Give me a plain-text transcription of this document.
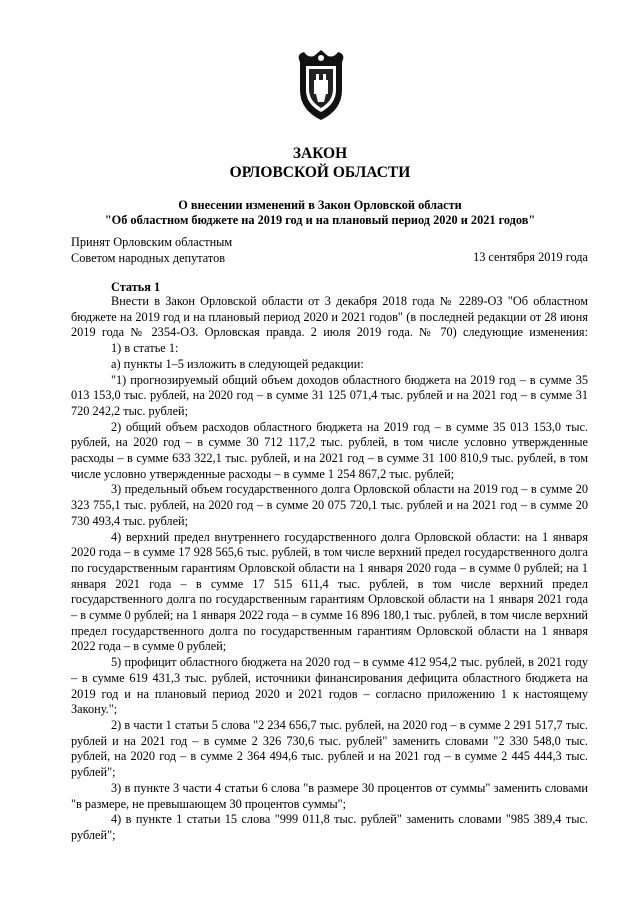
ЗАКОН
ОРЛОВСКОЙ ОБЛАСТИ
О внесении изменений в Закон Орловской области
"Об областном бюджете на 2019 год и на плановый период 2020 и 2021 годов"
Принят Орловским областным
Советом народных депутатов	13 сентября 2019 года
Статья 1

Внести в Закон Орловской области от 3 декабря 2018 года № 2289-ОЗ "Об областном бюджете на 2019 год и на плановый период 2020 и 2021 годов" (в последней редакции от 28 июня 2019 года № 2354-ОЗ. Орловская правда. 2 июля 2019 года. № 70) следующие изменения:

1) в статье 1:

а) пункты 1–5 изложить в следующей редакции:

"1) прогнозируемый общий объем доходов областного бюджета на 2019 год – в сумме 35 013 153,0 тыс. рублей, на 2020 год – в сумме 31 125 071,4 тыс. рублей и на 2021 год – в сумме 31 720 242,2 тыс. рублей;

2) общий объем расходов областного бюджета на 2019 год – в сумме 35 013 153,0 тыс. рублей, на 2020 год – в сумме 30 712 117,2 тыс. рублей, в том числе условно утвержденные расходы – в сумме 633 322,1 тыс. рублей, и на 2021 год – в сумме 31 100 810,9 тыс. рублей, в том числе условно утвержденные расходы – в сумме 1 254 867,2 тыс. рублей;

3) предельный объем государственного долга Орловской области на 2019 год – в сумме 20 323 755,1 тыс. рублей, на 2020 год – в сумме 20 075 720,1 тыс. рублей и на 2021 год – в сумме 20 730 493,4 тыс. рублей;

4) верхний предел внутреннего государственного долга Орловской области: на 1 января 2020 года – в сумме 17 928 565,6 тыс. рублей, в том числе верхний предел государственного долга по государственным гарантиям Орловской области на 1 января 2020 года – в сумме 0 рублей; на 1 января 2021 года – в сумме 17 515 611,4 тыс. рублей, в том числе верхний предел государственного долга по государственным гарантиям Орловской области на 1 января 2021 года – в сумме 0 рублей; на 1 января 2022 года – в сумме 16 896 180,1 тыс. рублей, в том числе верхний предел государственного долга по государственным гарантиям Орловской области на 1 января 2022 года – в сумме 0 рублей;

5) профицит областного бюджета на 2020 год – в сумме 412 954,2 тыс. рублей, в 2021 году – в сумме 619 431,3 тыс. рублей, источники финансирования дефицита областного бюджета на 2019 год и на плановый период 2020 и 2021 годов – согласно приложению 1 к настоящему Закону.";

2) в части 1 статьи 5 слова "2 234 656,7 тыс. рублей, на 2020 год – в сумме 2 291 517,7 тыс. рублей и на 2021 год – в сумме 2 326 730,6 тыс. рублей" заменить словами "2 330 548,0 тыс. рублей, на 2020 год – в сумме 2 364 494,6 тыс. рублей и на 2021 год – в сумме 2 445 444,3 тыс. рублей";

3) в пункте 3 части 4 статьи 6 слова "в размере 30 процентов от суммы" заменить словами "в размере, не превышающем 30 процентов суммы";

4) в пункте 1 статьи 15 слова "999 011,8 тыс. рублей" заменить словами "985 389,4 тыс. рублей";
